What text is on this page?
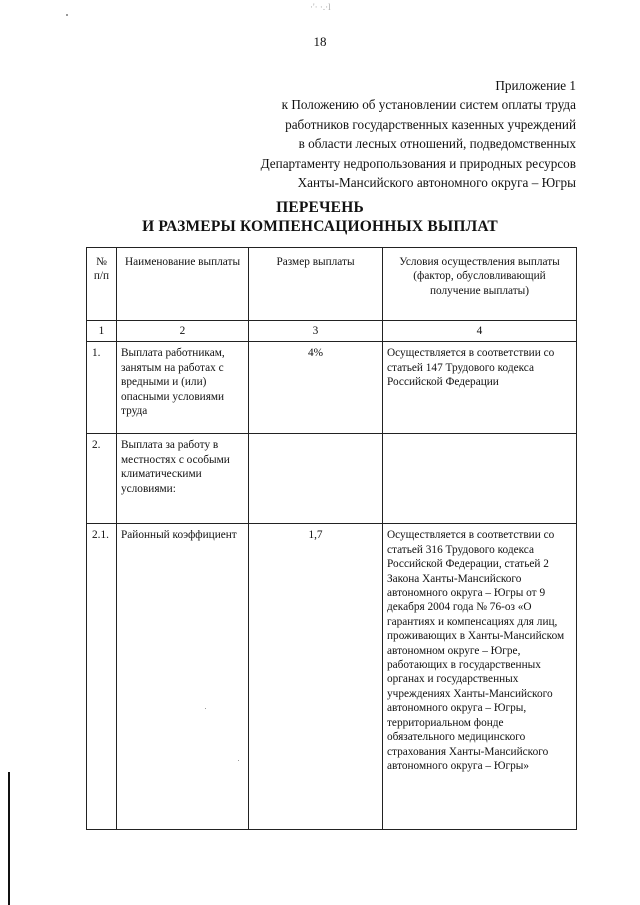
·'· ·.·l
18
Приложение 1
к Положению об установлении систем оплаты труда
работников государственных казенных учреждений
в области лесных отношений, подведомственных
Департаменту недропользования и природных ресурсов
Ханты-Мансийского автономного округа – Югры
ПЕРЕЧЕНЬ
И РАЗМЕРЫ КОМПЕНСАЦИОННЫХ ВЫПЛАТ
№ п/п	Наименование выплаты	Размер выплаты	Условия осуществления выплаты (фактор, обусловливающий получение выплаты)
1	2	3	4
1.	Выплата работникам, занятым на работах с вредными и (или) опасными условиями труда	4%	Осуществляется в соответствии со статьей 147 Трудового кодекса Российской Федерации
2.	Выплата за работу в местностях с особыми климатическими условиями:		
2.1.	Районный коэффициент	1,7	Осуществляется в соответствии со статьей 316 Трудового кодекса Российской Федерации, статьей 2 Закона Ханты-Мансийского автономного округа – Югры от 9 декабря 2004 года № 76-оз «О гарантиях и компенсациях для лиц, проживающих в Ханты-Мансийском автономном округе – Югре, работающих в государственных органах и государственных учреждениях Ханты-Мансийского автономного округа – Югры, территориальном фонде обязательного медицинского страхования Ханты-Мансийского автономного округа – Югры»
